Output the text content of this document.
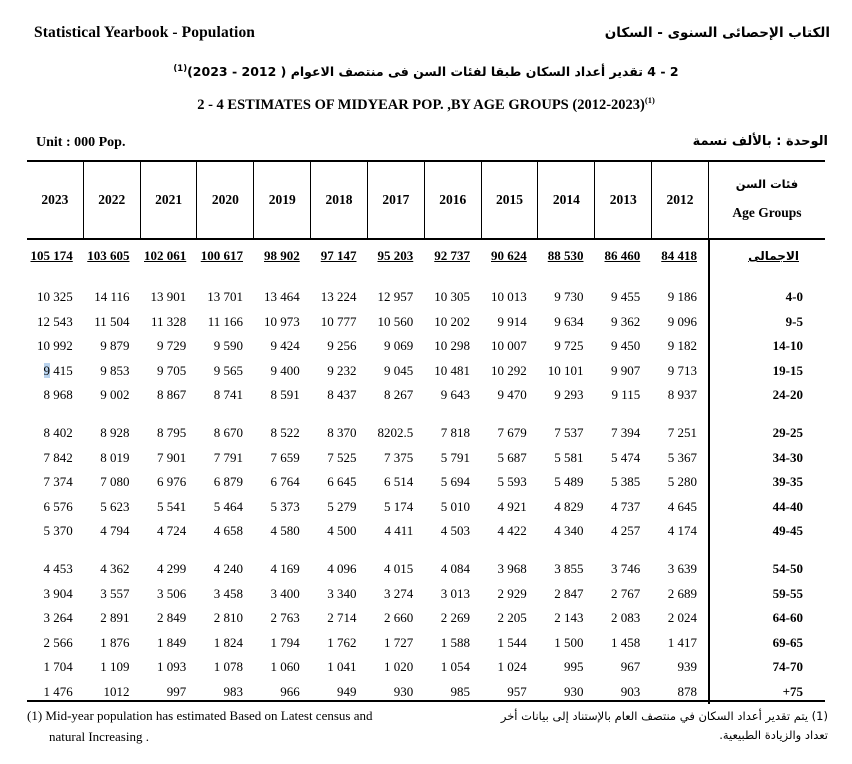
Statistical Yearbook - Population	الكتاب الإحصائى السنوى - السكان
2 - 4 تقدير أعداد السكان طبقا لفئات السن فى منتصف الاعوام ( 2012 - 2023)$^{(1)}$
2 - 4 ESTIMATES OF MIDYEAR POP. ,BY AGE GROUPS (2012-2023)$^{(1)}$
Unit : 000 Pop.	الوحدة : بالألف نسمة
2023	2022	2021	2020	2019	2018	2017	2016	2015	2014	2013	2012
فئات السن
Age Groups
105 174	103 605	102 061	100 617	98 902	97 147	95 203	92 737	90 624	88 530	86 460	84 418	الاجمالى
10 325	14 116	13 901	13 701	13 464	13 224	12 957	10 305	10 013	9 730	9 455	9 186	4-0
12 543	11 504	11 328	11 166	10 973	10 777	10 560	10 202	9 914	9 634	9 362	9 096	9-5
10 992	9 879	9 729	9 590	9 424	9 256	9 069	10 298	10 007	9 725	9 450	9 182	14-10
9 415	9 853	9 705	9 565	9 400	9 232	9 045	10 481	10 292	10 101	9 907	9 713	19-15
8 968	9 002	8 867	8 741	8 591	8 437	8 267	9 643	9 470	9 293	9 115	8 937	24-20
8 402	8 928	8 795	8 670	8 522	8 370	8202.5	7 818	7 679	7 537	7 394	7 251	29-25
7 842	8 019	7 901	7 791	7 659	7 525	7 375	5 791	5 687	5 581	5 474	5 367	34-30
7 374	7 080	6 976	6 879	6 764	6 645	6 514	5 694	5 593	5 489	5 385	5 280	39-35
6 576	5 623	5 541	5 464	5 373	5 279	5 174	5 010	4 921	4 829	4 737	4 645	44-40
5 370	4 794	4 724	4 658	4 580	4 500	4 411	4 503	4 422	4 340	4 257	4 174	49-45
4 453	4 362	4 299	4 240	4 169	4 096	4 015	4 084	3 968	3 855	3 746	3 639	54-50
3 904	3 557	3 506	3 458	3 400	3 340	3 274	3 013	2 929	2 847	2 767	2 689	59-55
3 264	2 891	2 849	2 810	2 763	2 714	2 660	2 269	2 205	2 143	2 083	2 024	64-60
2 566	1 876	1 849	1 824	1 794	1 762	1 727	1 588	1 544	1 500	1 458	1 417	69-65
1 704	1 109	1 093	1 078	1 060	1 041	1 020	1 054	1 024	995	967	939	74-70
1 476	1012	997	983	966	949	930	985	957	930	903	878	+75
(1) Mid-year population has estimated Based on Latest census and
natural Increasing .
(1) يتم تقدير أعداد السكان في منتصف العام بالإستناد إلى بيانات أخر
تعداد والزيادة الطبيعية.
